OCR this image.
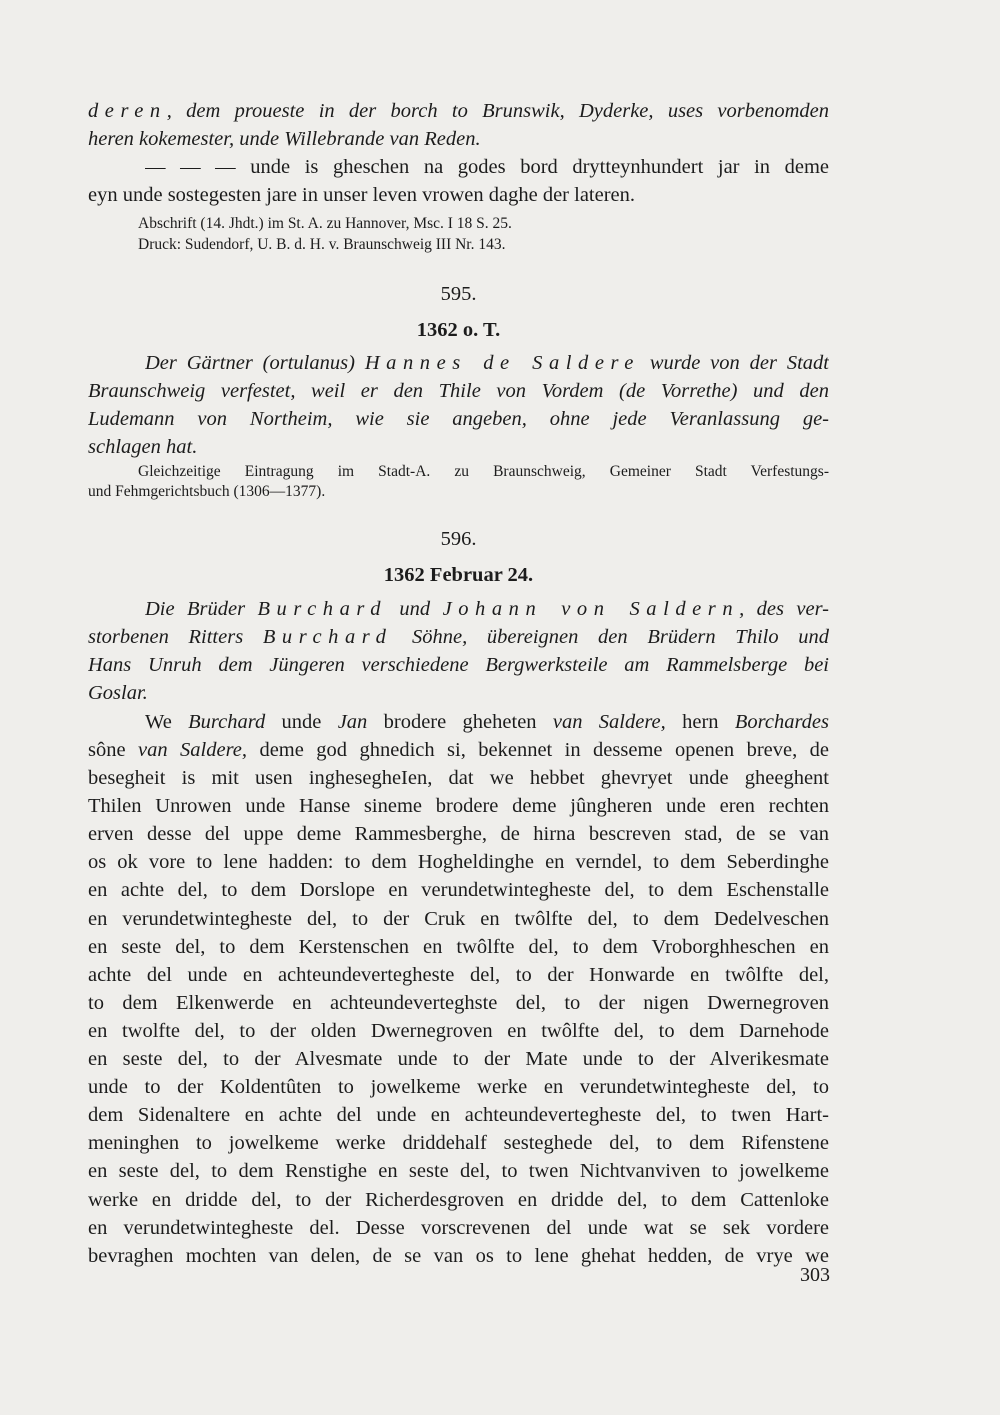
deren, dem proueste in der borch to Brunswik, Dyderke, uses vorbenomden
heren kokemester, unde Willebrande van Reden.
— — — unde is gheschen na godes bord drytteynhundert jar in deme
eyn unde sostegesten jare in unser leven vrowen daghe der lateren.
Abschrift (14. Jhdt.) im St. A. zu Hannover, Msc. I 18 S. 25.
Druck: Sudendorf, U. B. d. H. v. Braunschweig III Nr. 143.
595.
1362 o. T.
Der Gärtner (ortulanus) Hannes de Saldere wurde von der Stadt
Braunschweig verfestet, weil er den Thile von Vordem (de Vorrethe) und den
Ludemann von Northeim, wie sie angeben, ohne jede Veranlassung ge-
schlagen hat.
Gleichzeitige Eintragung im Stadt-A. zu Braunschweig, Gemeiner Stadt Verfestungs-
und Fehmgerichtsbuch (1306—1377).
596.
1362 Februar 24.
Die Brüder Burchard und Johann von Saldern, des ver-
storbenen Ritters Burchard Söhne, übereignen den Brüdern Thilo und
Hans Unruh dem Jüngeren verschiedene Bergwerksteile am Rammelsberge bei
Goslar.
We Burchard unde Jan brodere gheheten van Saldere, hern Borchardes
sône van Saldere, deme god ghnedich si, bekennet in desseme openen breve, de
besegheit is mit usen inghesegheIen, dat we hebbet ghevryet unde gheeghent
Thilen Unrowen unde Hanse sineme brodere deme jûngheren unde eren rechten
erven desse del uppe deme Rammesberghe, de hirna bescreven stad, de se van
os ok vore to lene hadden: to dem Hogheldinghe en verndel, to dem Seberdinghe
en achte del, to dem Dorslope en verundetwintegheste del, to dem Eschenstalle
en verundetwintegheste del, to der Cruk en twôlfte del, to dem Dedelveschen
en seste del, to dem Kerstenschen en twôlfte del, to dem Vroborghheschen en
achte del unde en achteundevertegheste del, to der Honwarde en twôlfte del,
to dem Elkenwerde en achteundeverteghste del, to der nigen Dwernegroven
en twolfte del, to der olden Dwernegroven en twôlfte del, to dem Darnehode
en seste del, to der Alvesmate unde to der Mate unde to der Alverikesmate
unde to der Koldentûten to jowelkeme werke en verundetwintegheste del, to
dem Sidenaltere en achte del unde en achteundevertegheste del, to twen Hart-
meninghen to jowelkeme werke driddehalf sesteghede del, to dem Rifenstene
en seste del, to dem Renstighe en seste del, to twen Nichtvanviven to jowelkeme
werke en dridde del, to der Richerdesgroven en dridde del, to dem Cattenloke
en verundetwintegheste del. Desse vorscrevenen del unde wat se sek vordere
bevraghen mochten van delen, de se van os to lene ghehat hedden, de vrye we
303
